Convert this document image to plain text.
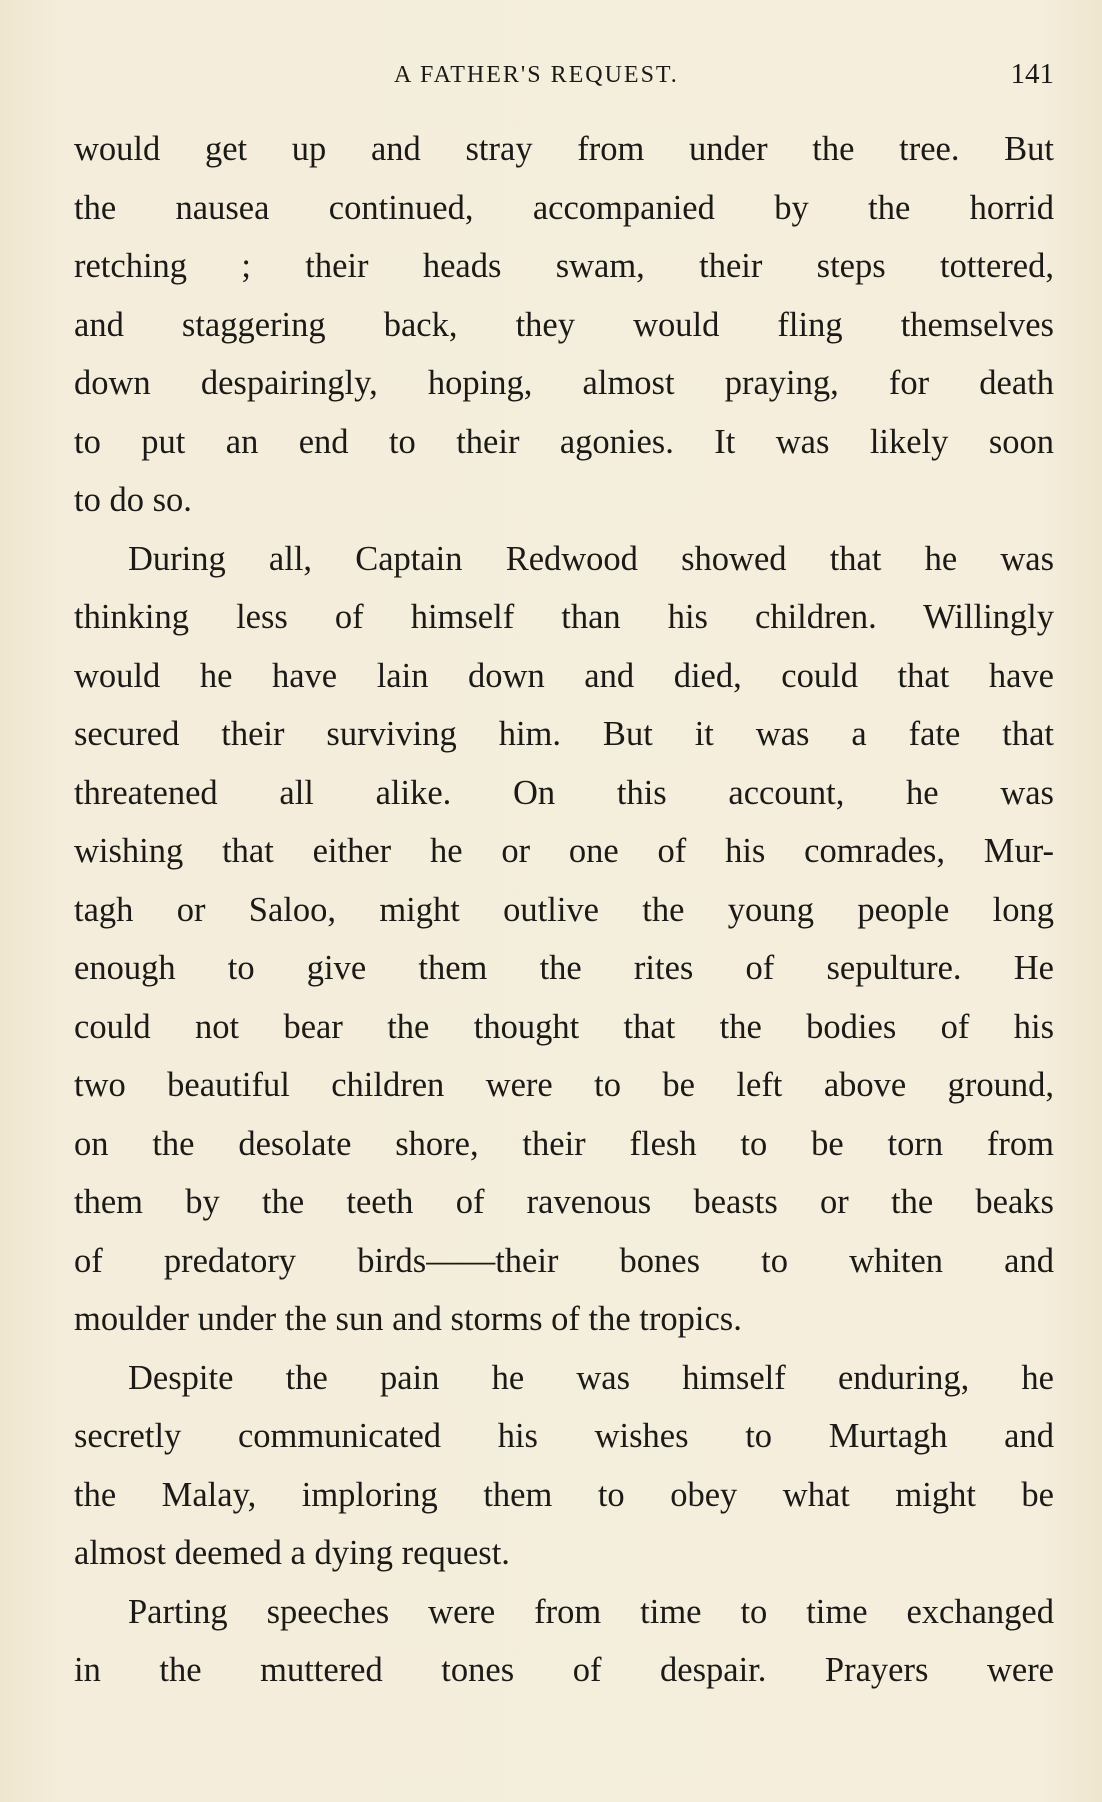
A FATHER'S REQUEST.	141
would get up and stray from under the tree. But
the nausea continued, accompanied by the horrid
retching ; their heads swam, their steps tottered,
and staggering back, they would fling themselves
down despairingly, hoping, almost praying, for death
to put an end to their agonies. It was likely soon
to do so.
During all, Captain Redwood showed that he was
thinking less of himself than his children. Willingly
would he have lain down and died, could that have
secured their surviving him. But it was a fate that
threatened all alike. On this account, he was
wishing that either he or one of his comrades, Mur-
tagh or Saloo, might outlive the young people long
enough to give them the rites of sepulture. He
could not bear the thought that the bodies of his
two beautiful children were to be left above ground,
on the desolate shore, their flesh to be torn from
them by the teeth of ravenous beasts or the beaks
of predatory birds——their bones to whiten and
moulder under the sun and storms of the tropics.
Despite the pain he was himself enduring, he
secretly communicated his wishes to Murtagh and
the Malay, imploring them to obey what might be
almost deemed a dying request.
Parting speeches were from time to time exchanged
in the muttered tones of despair. Prayers were
